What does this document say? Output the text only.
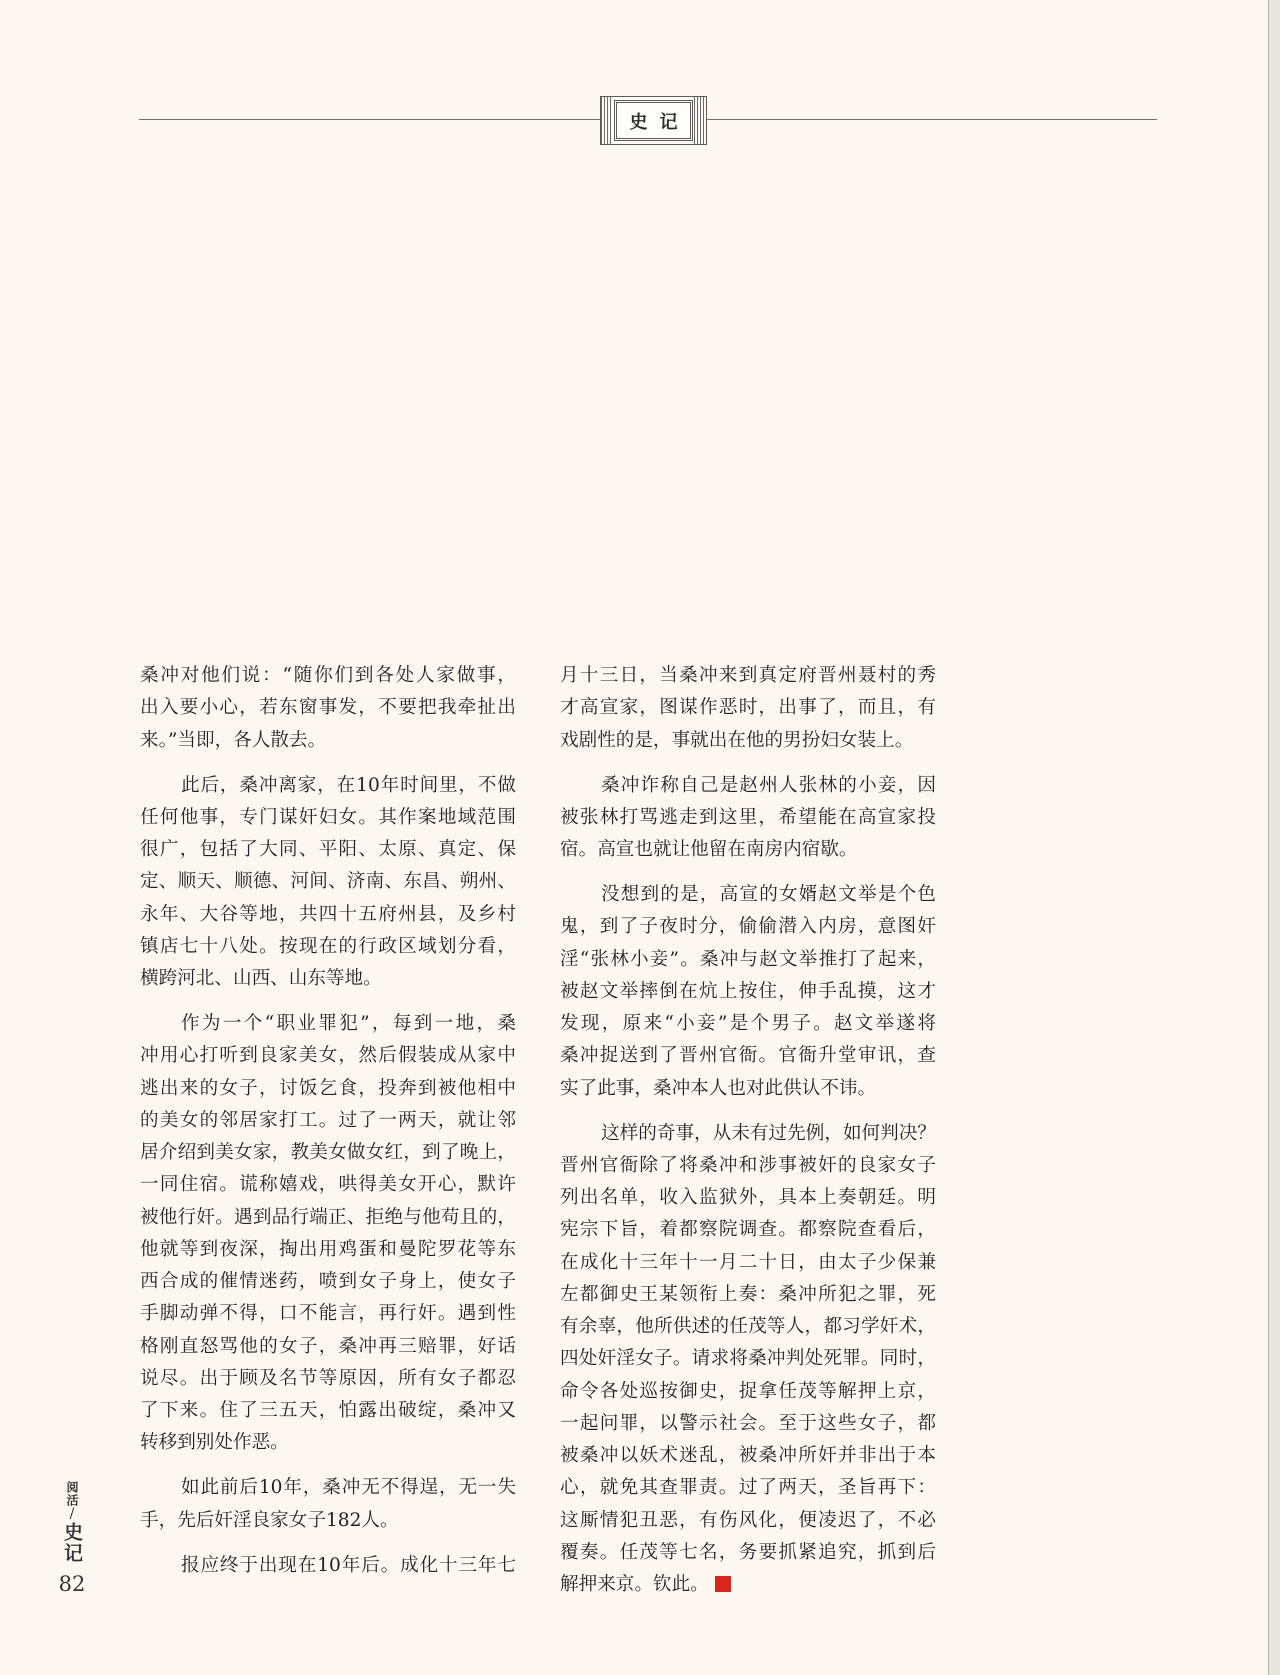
史记
桑冲对他们说：“随你们到各处人家做事，
出入要小心，若东窗事发，不要把我牵扯出
来。”当即，各人散去。
此后，桑冲离家，在10年时间里，不做
任何他事，专门谋奸妇女。其作案地域范围
很广，包括了大同、平阳、太原、真定、保
定、顺天、顺德、河间、济南、东昌、朔州、
永年、大谷等地，共四十五府州县，及乡村
镇店七十八处。按现在的行政区域划分看，
横跨河北、山西、山东等地。
作为一个“职业罪犯”，每到一地，桑
冲用心打听到良家美女，然后假装成从家中
逃出来的女子，讨饭乞食，投奔到被他相中
的美女的邻居家打工。过了一两天，就让邻
居介绍到美女家，教美女做女红，到了晚上，
一同住宿。谎称嬉戏，哄得美女开心，默许
被他行奸。遇到品行端正、拒绝与他苟且的，
他就等到夜深，掏出用鸡蛋和曼陀罗花等东
西合成的催情迷药，喷到女子身上，使女子
手脚动弹不得，口不能言，再行奸。遇到性
格刚直怒骂他的女子，桑冲再三赔罪，好话
说尽。出于顾及名节等原因，所有女子都忍
了下来。住了三五天，怕露出破绽，桑冲又
转移到别处作恶。
如此前后10年，桑冲无不得逞，无一失
手，先后奸淫良家女子182人。
报应终于出现在10年后。成化十三年七
月十三日，当桑冲来到真定府晋州聂村的秀
才高宣家，图谋作恶时，出事了，而且，有
戏剧性的是，事就出在他的男扮妇女装上。
桑冲诈称自己是赵州人张林的小妾，因
被张林打骂逃走到这里，希望能在高宣家投
宿。高宣也就让他留在南房内宿歇。
没想到的是，高宣的女婿赵文举是个色
鬼，到了子夜时分，偷偷潜入内房，意图奸
淫“张林小妾”。桑冲与赵文举推打了起来，
被赵文举摔倒在炕上按住，伸手乱摸，这才
发现，原来“小妾”是个男子。赵文举遂将
桑冲捉送到了晋州官衙。官衙升堂审讯，查
实了此事，桑冲本人也对此供认不讳。
这样的奇事，从未有过先例，如何判决？
晋州官衙除了将桑冲和涉事被奸的良家女子
列出名单，收入监狱外，具本上奏朝廷。明
宪宗下旨，着都察院调查。都察院查看后，
在成化十三年十一月二十日，由太子少保兼
左都御史王某领衔上奏：桑冲所犯之罪，死
有余辜，他所供述的任茂等人，都习学奸术，
四处奸淫女子。请求将桑冲判处死罪。同时，
命令各处巡按御史，捉拿任茂等解押上京，
一起问罪，以警示社会。至于这些女子，都
被桑冲以妖术迷乱，被桑冲所奸并非出于本
心，就免其查罪责。过了两天，圣旨再下：
这厮情犯丑恶，有伤风化，便凌迟了，不必
覆奏。任茂等七名，务要抓紧追究，抓到后
解押来京。钦此。
阅活
/
史记
82
